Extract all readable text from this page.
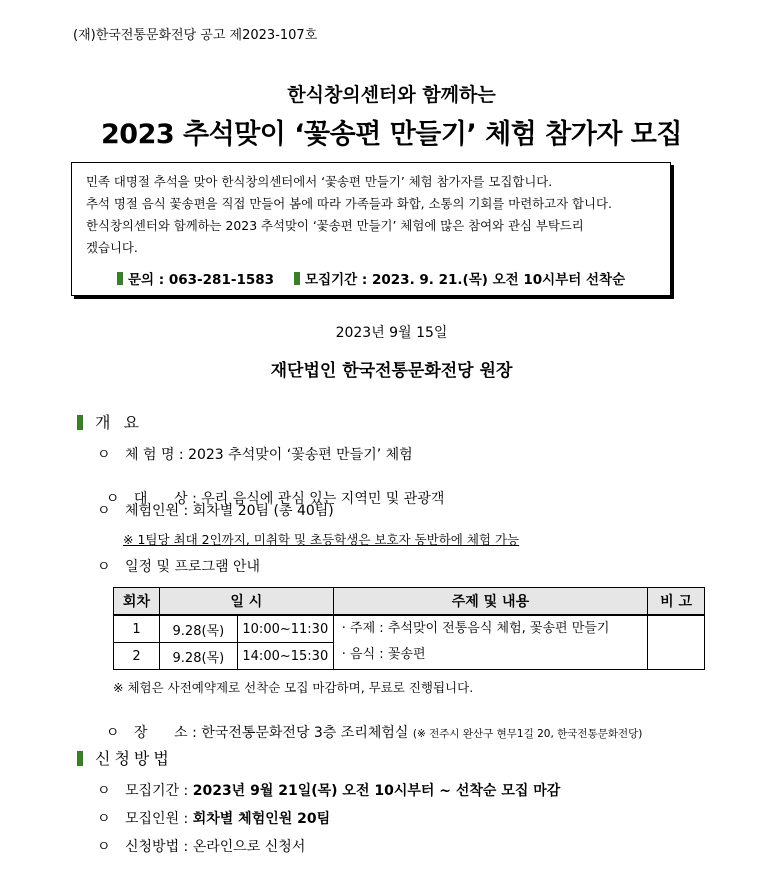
(재)한국전통문화전당 공고 제2023-107호
한식창의센터와 함께하는
2023 추석맞이 ‘꽃송편 만들기’ 체험 참가자 모집

민족 대명절 추석을 맞아 한식창의센터에서 ‘꽃송편 만들기’ 체험 참가자를 모집합니다.

추석 명절 음식 꽃송편을 직접 만들어 봄에 따라 가족들과 화합, 소통의 기회를 마련하고자 합니다.

한식창의센터와 함께하는 2023 추석맞이 ‘꽃송편 만들기’ 체험에 많은 참여와 관심 부탁드리

겠습니다.

문의 : 063-281-1583 모집기간 : 2023. 9. 21.(목) 오전 10시부터 선착순
2023년 9월 15일
재단법인 한국전통문화전당 원장
개 요
ㅇ 체 험 명 : 2023 추석맞이 ‘꽃송편 만들기’ 체험

ㅇ 대      상 : 우리 음식에 관심 있는 지역민 및 관광객

ㅇ 체험인원 : 회차별 20팀 (총 40팀)
※ 1팀당 최대 2인까지, 미취학 및 초등학생은 보호자 동반하에 체험 가능
ㅇ 일정 및 프로그램 안내
회차	일 시		주제 및 내용	비 고
1	9.28(목)	10:00~11:30	· 주제 : 추석맞이 전통음식 체험, 꽃송편 만들기
· 음식 : 꽃송편	

2	9.28(목)	14:00~15:30		
※ 체험은 사전예약제로 선착순 모집 마감하며, 무료로 진행됩니다.

ㅇ 장      소 : 한국전통문화전당 3층 조리체험실 (※ 전주시 완산구 현무1길 20, 한국전통문화전당)

신청방법
ㅇ 모집기간 : 2023년 9월 21일(목) 오전 10시부터 ~ 선착순 모집 마감
ㅇ 모집인원 : 회차별 체험인원 20팀
ㅇ 신청방법 : 온라인으로 신청서
